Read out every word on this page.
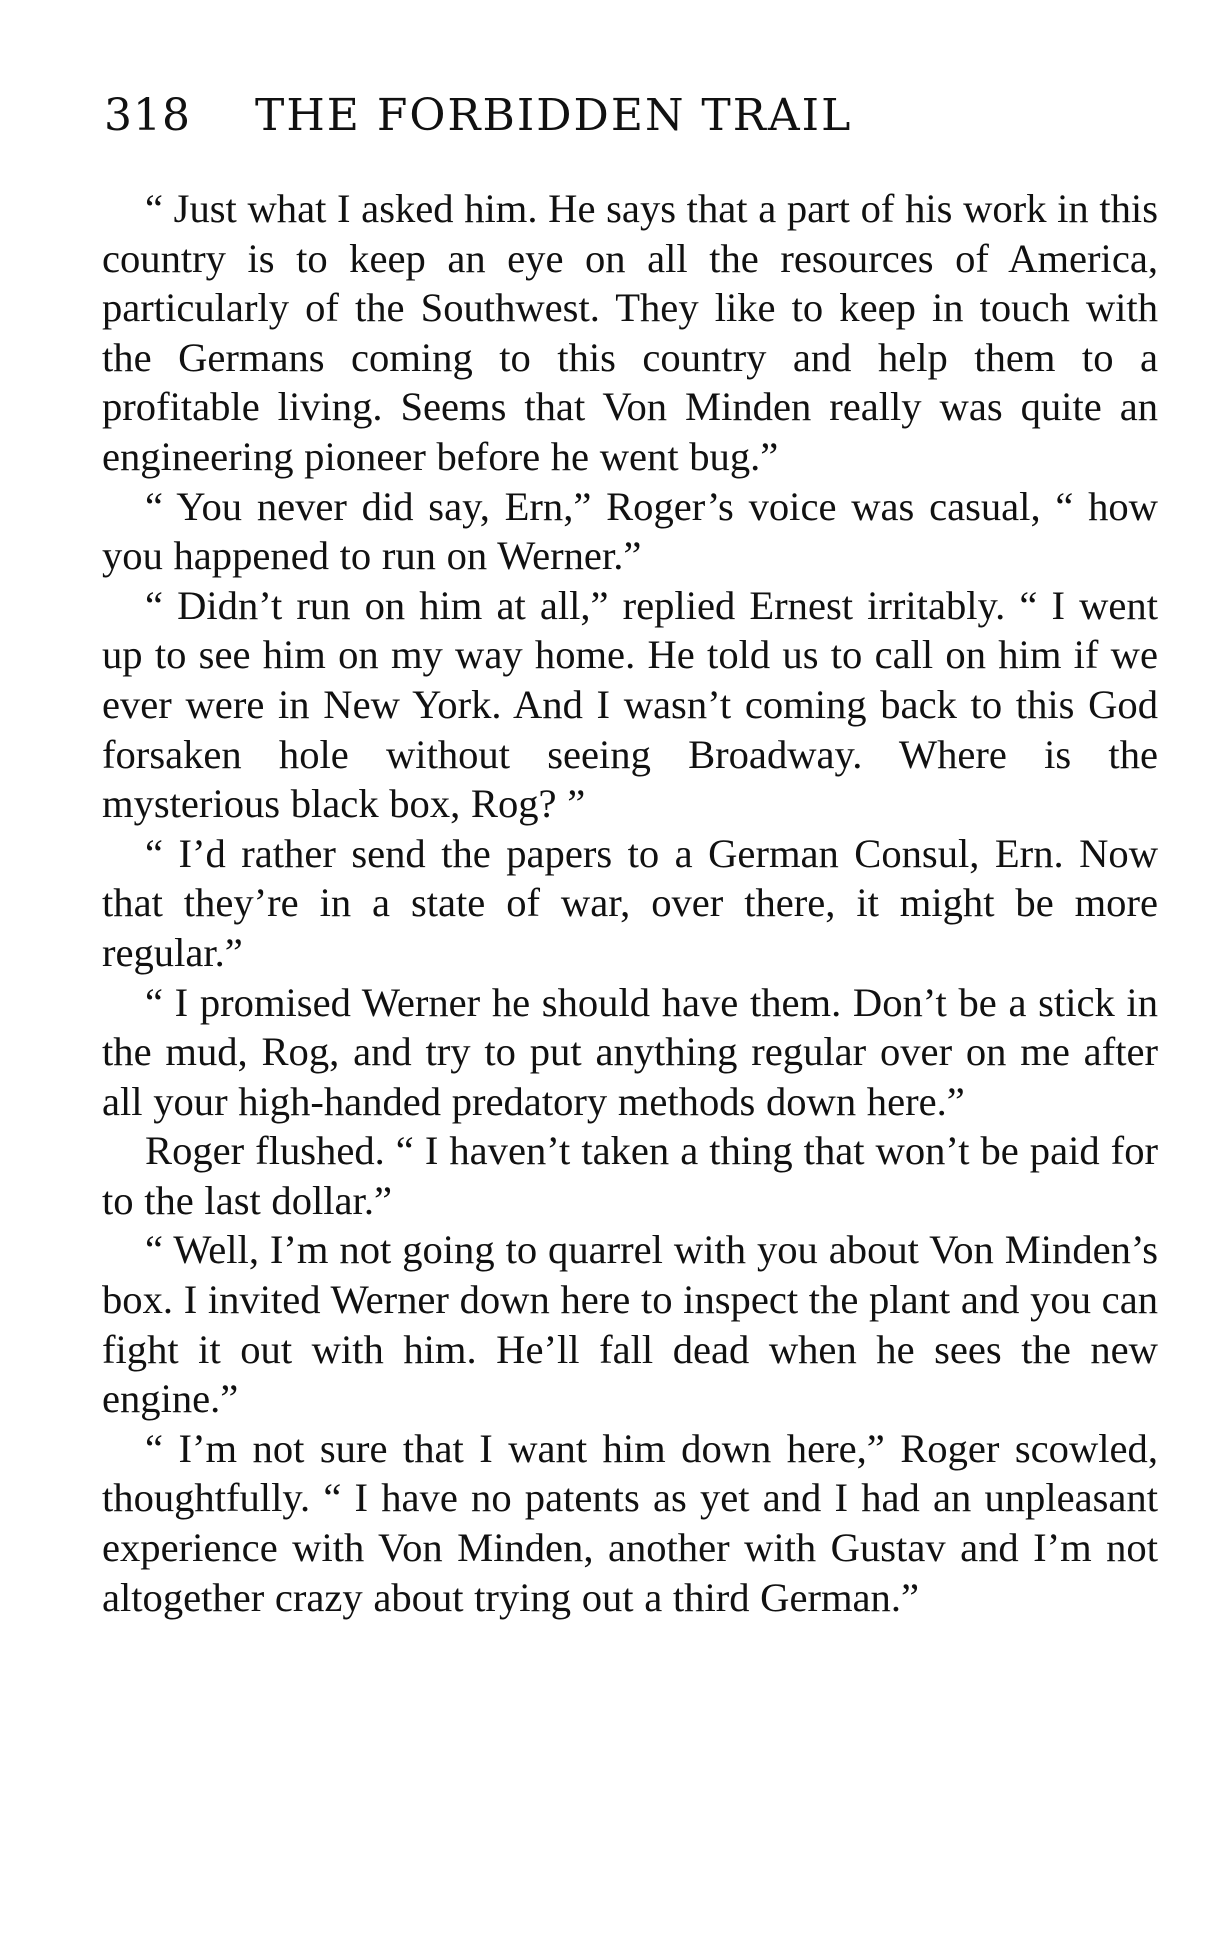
318 THE FORBIDDEN TRAIL

“ Just what I asked him. He says that a part of his work in this country is to keep an eye on all the resources of America, particularly of the Southwest. They like to keep in touch with the Germans coming to this country and help them to a profitable living. Seems that Von Minden really was quite an engineering pioneer before he went bug.”

“ You never did say, Ern,” Roger’s voice was casual, “ how you happened to run on Werner.”

“ Didn’t run on him at all,” replied Ernest irritably. “ I went up to see him on my way home. He told us to call on him if we ever were in New York. And I wasn’t coming back to this God forsaken hole without seeing Broadway. Where is the mysterious black box, Rog? ”

“ I’d rather send the papers to a German Consul, Ern. Now that they’re in a state of war, over there, it might be more regular.”

“ I promised Werner he should have them. Don’t be a stick in the mud, Rog, and try to put anything regular over on me after all your high-handed predatory methods down here.”

Roger flushed. “ I haven’t taken a thing that won’t be paid for to the last dollar.”

“ Well, I’m not going to quarrel with you about Von Minden’s box. I invited Werner down here to inspect the plant and you can fight it out with him. He’ll fall dead when he sees the new engine.”

“ I’m not sure that I want him down here,” Roger scowled, thoughtfully. “ I have no patents as yet and I had an unpleasant experience with Von Minden, another with Gustav and I’m not altogether crazy about trying out a third German.”
